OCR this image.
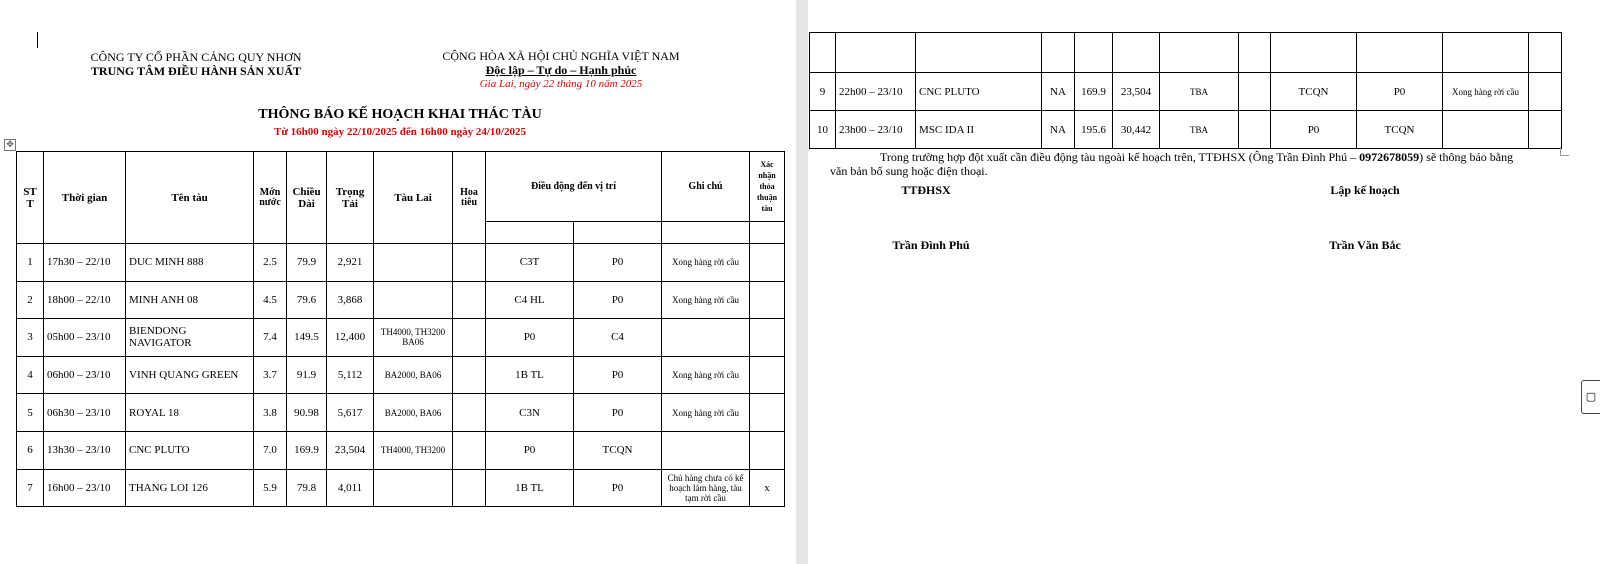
CÔNG TY CỔ PHẦN CẢNG QUY NHƠN
TRUNG TÂM ĐIỀU HÀNH SẢN XUẤT
CỘNG HÒA XÃ HỘI CHỦ NGHĨA VIỆT NAM
Độc lập – Tự do – Hạnh phúc
Gia Lai, ngày 22 tháng 10 năm 2025
THÔNG BÁO KẾ HOẠCH KHAI THÁC TÀU
Từ 16h00 ngày 22/10/2025 đến 16h00 ngày 24/10/2025
✥
ST T	Thời gian	Tên tàu	Mớn nước	Chiều Dài	Trọng Tải	Tàu Lai	Hoa tiêu	Điều động đến vị trí		Ghi chú	Xác nhận thỏa thuận tàu

1	17h30 – 22/10	DUC MINH 888	2.5	79.9	2,921			C3T	P0	Xong hàng rời cầu	
2	18h00 – 22/10	MINH ANH 08	4.5	79.6	3,868			C4 HL	P0	Xong hàng rời cầu	
3	05h00 – 23/10	BIENDONG NAVIGATOR	7.4	149.5	12,400	TH4000, TH3200 BA06		P0	C4		
4	06h00 – 23/10	VINH QUANG GREEN	3.7	91.9	5,112	BA2000, BA06		1B TL	P0	Xong hàng rời cầu	
5	06h30 – 23/10	ROYAL 18	3.8	90.98	5,617	BA2000, BA06		C3N	P0	Xong hàng rời cầu	
6	13h30 – 23/10	CNC PLUTO	7.0	169.9	23,504	TH4000, TH3200		P0	TCQN		
7	16h00 – 23/10	THANG LOI 126	5.9	79.8	4,011			1B TL	P0	Chủ hàng chưa có kế hoạch làm hàng, tàu tạm rời cầu	x

9	22h00 – 23/10	CNC PLUTO	NA	169.9	23,504	TBA		TCQN	P0	Xong hàng rời cầu	
10	23h00 – 23/10	MSC IDA II	NA	195.6	30,442	TBA		P0	TCQN		
Trong trường hợp đột xuất cần điều động tàu ngoài kế hoạch trên, TTĐHSX (Ông Trần Đình Phú – 0972678059) sẽ thông báo bằng
văn bản bổ sung hoặc điện thoại.
TTĐHSX	Lập kế hoạch
Trần Đình Phú	Trần Văn Bắc
▢
